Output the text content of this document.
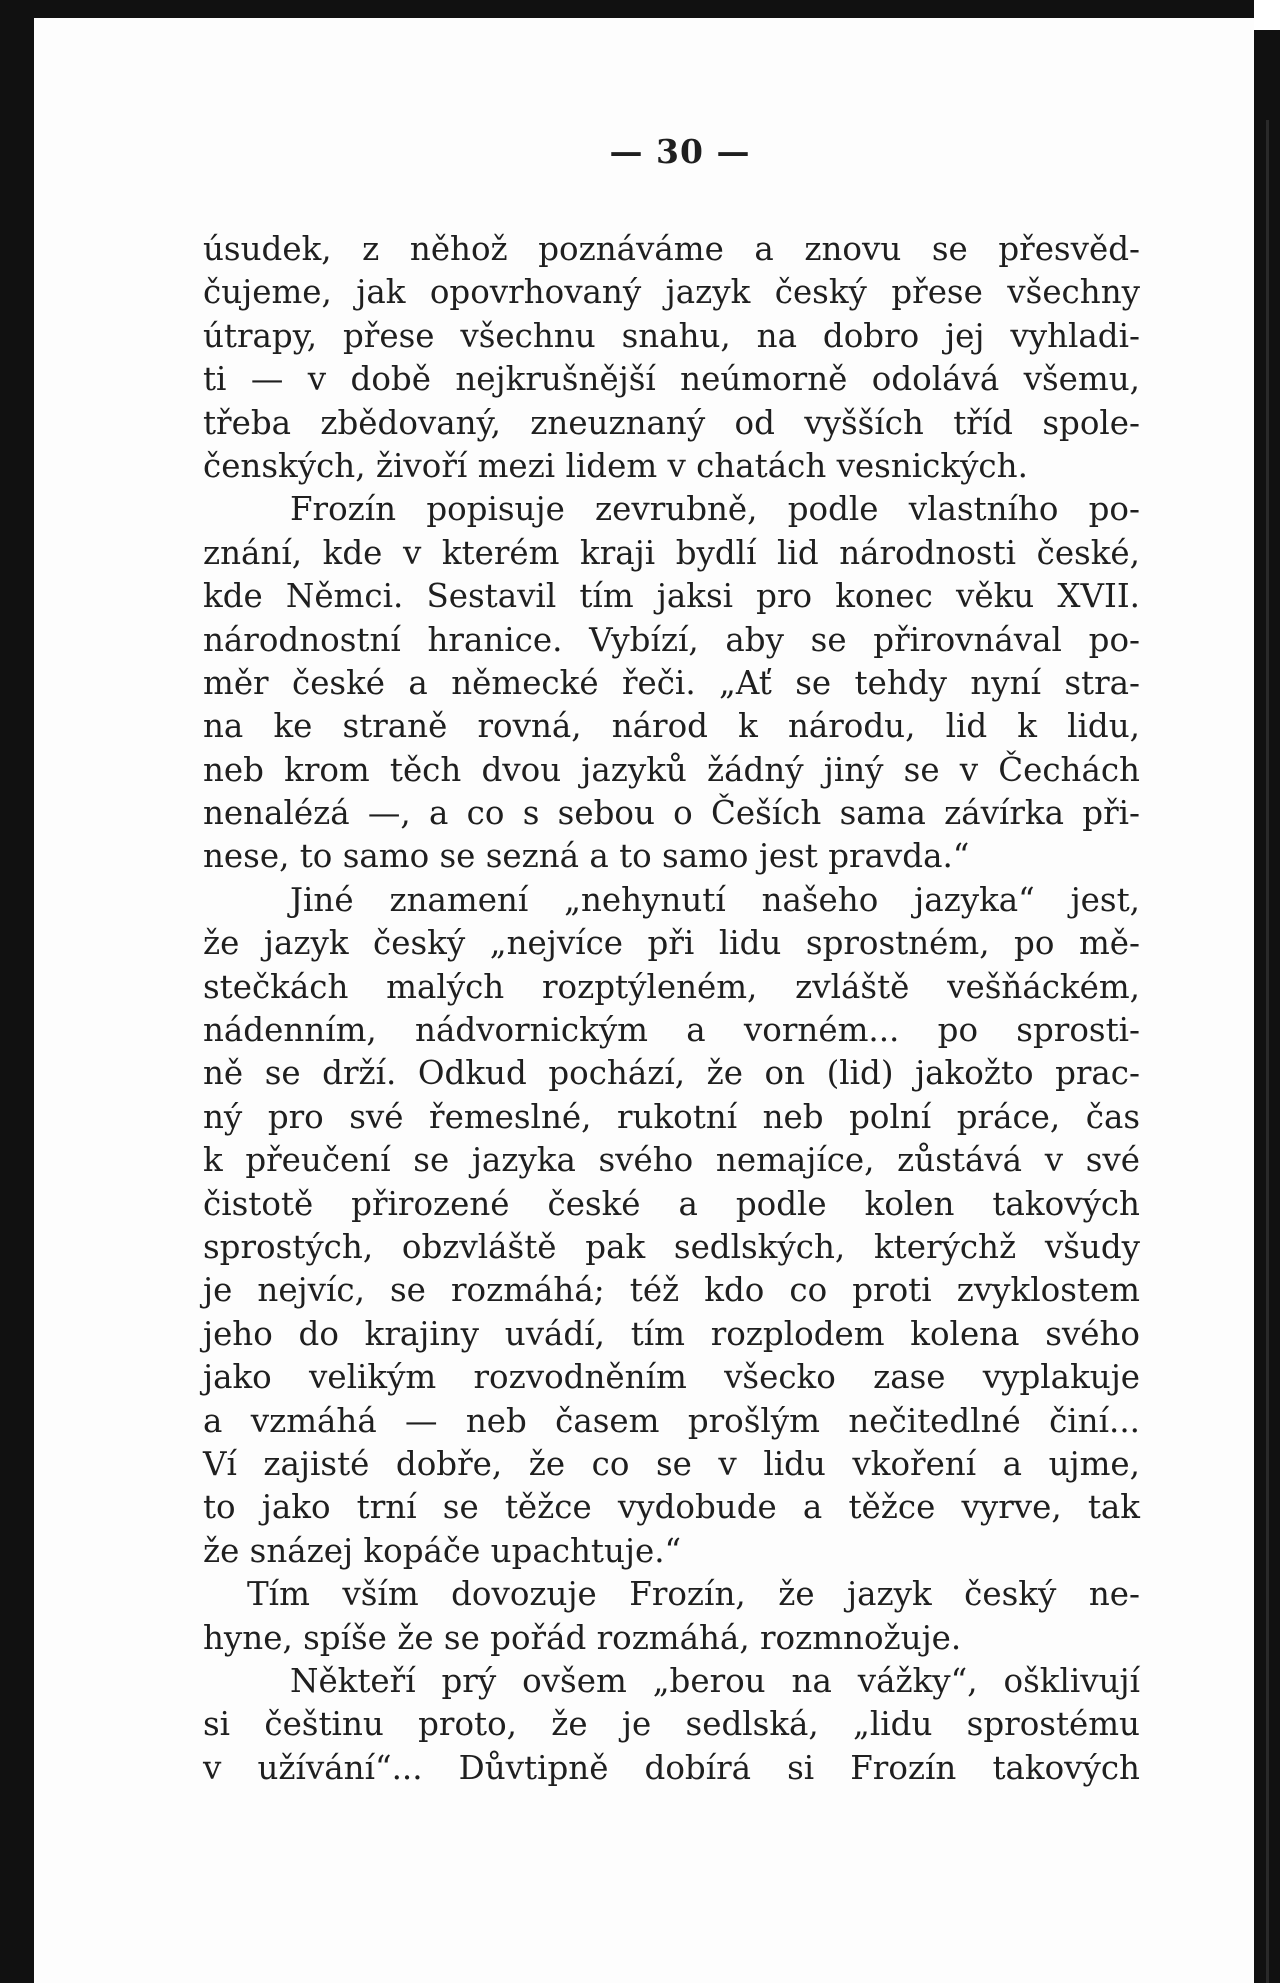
— 30 —
úsudek, z něhož poznáváme a znovu se přesvěd-
čujeme, jak opovrhovaný jazyk český přese všechny
útrapy, přese všechnu snahu, na dobro jej vyhladi-
ti — v době nejkrušnější neúmorně odolává všemu,
třeba zbědovaný, zneuznaný od vyšších tříd spole-
čenských, živoří mezi lidem v chatách vesnických.
Frozín popisuje zevrubně, podle vlastního po-
znání, kde v kterém kraji bydlí lid národnosti české,
kde Němci. Sestavil tím jaksi pro konec věku XVII.
národnostní hranice. Vybízí, aby se přirovnával po-
měr české a německé řeči. „Ať se tehdy nyní stra-
na ke straně rovná, národ k národu, lid k lidu,
neb krom těch dvou jazyků žádný jiný se v Čechách
nenalézá —, a co s sebou o Češích sama závírka při-
nese, to samo se sezná a to samo jest pravda.“
Jiné znamení „nehynutí našeho jazyka“ jest,
že jazyk český „nejvíce při lidu sprostném, po mě-
stečkách malých rozptýleném, zvláště vešňáckém,
nádenním, nádvornickým a vorném... po sprosti-
ně se drží. Odkud pochází, že on (lid) jakožto prac-
ný pro své řemeslné, rukotní neb polní práce, čas
k přeučení se jazyka svého nemajíce, zůstává v své
čistotě přirozené české a podle kolen takových
sprostých, obzvláště pak sedlských, kterýchž všudy
je nejvíc, se rozmáhá; též kdo co proti zvyklostem
jeho do krajiny uvádí, tím rozplodem kolena svého
jako velikým rozvodněním všecko zase vyplakuje
a vzmáhá — neb časem prošlým nečitedlné činí...
Ví zajisté dobře, že co se v lidu vkoření a ujme,
to jako trní se těžce vydobude a těžce vyrve, tak
že snázej kopáče upachtuje.“
Tím vším dovozuje Frozín, že jazyk český ne-
hyne, spíše že se pořád rozmáhá, rozmnožuje.
Někteří prý ovšem „berou na vážky“, ošklivují
si češtinu proto, že je sedlská, „lidu sprostému
v užívání“... Důvtipně dobírá si Frozín takových
